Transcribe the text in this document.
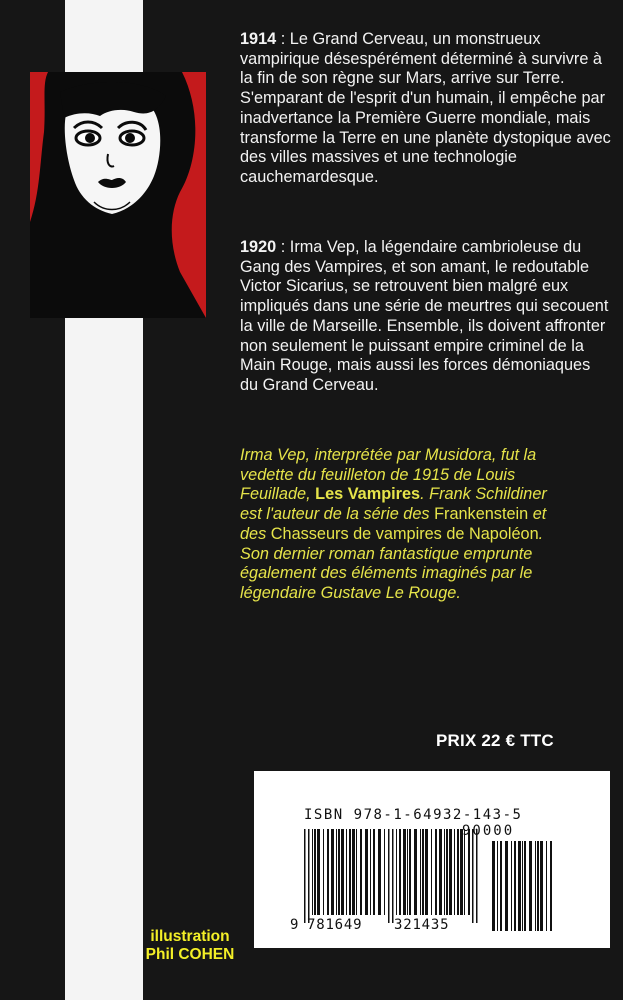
1914 : Le Grand Cerveau, un monstrueux vampirique désespérément déterminé à survivre à la fin de son règne sur Mars, arrive sur Terre. S'emparant de l'esprit d'un humain, il empêche par inadvertance la Première Guerre mondiale, mais transforme la Terre en une planète dystopique avec des villes massives et une technologie cauchemardesque.

1920 : Irma Vep, la légendaire cambrioleuse du Gang des Vampires, et son amant, le redoutable Victor Sicarius, se retrouvent bien malgré eux impliqués dans une série de meurtres qui secouent la ville de Marseille. Ensemble, ils doivent affronter non seulement le puissant empire criminel de la Main Rouge, mais aussi les forces démoniaques du Grand Cerveau.

Irma Vep, interprétée par Musidora, fut la vedette du feuilleton de 1915 de Louis Feuillade, Les Vampires. Frank Schildiner est l'auteur de la série des Frankenstein et des Chasseurs de vampires de Napoléon. Son dernier roman fantastique emprunte également des éléments imaginés par le légendaire Gustave Le Rouge.

PRIX 22 € TTC
ISBN 978-1-64932-143-5
90000
9 781649 321435
illustration
Phil COHEN
